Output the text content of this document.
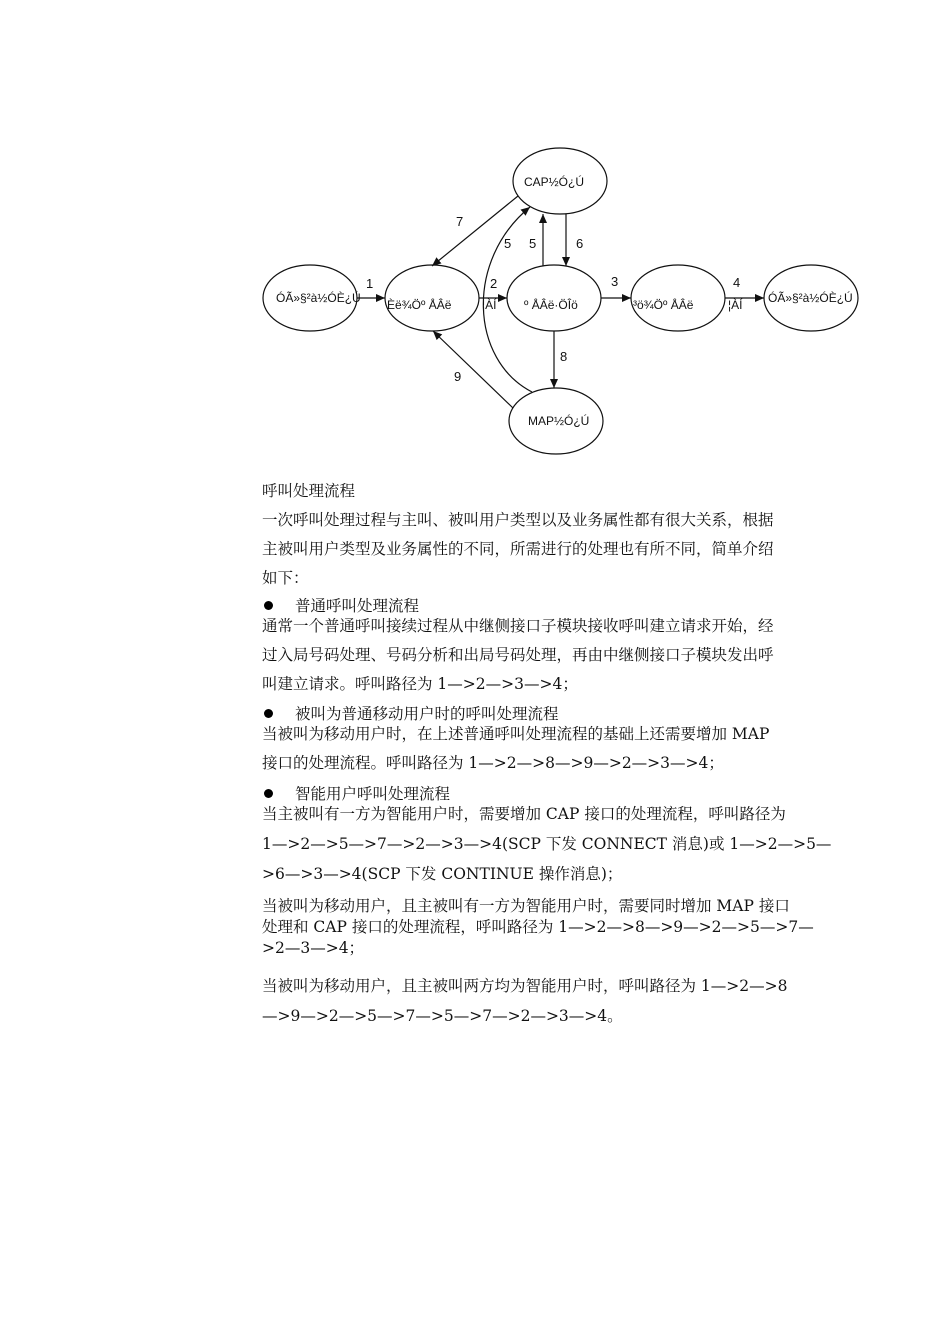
CAP½Ó¿Ú
ÓÃ»§²à½ÓÈ¿Ú Èë¾Öº ÅÂë	¦ÀÍ º ÅÂë·ÖÎö	³ö¾Öº ÅÂë	¦ÀÍ ÓÃ»§²à½ÓÈ¿Ú
MAP½Ó¿Ú
1	2	3	4
5	6
7
5
8
9
呼叫处理流程
一次呼叫处理过程与主叫、被叫用户类型以及业务属性都有很大关系，根据
主被叫用户类型及业务属性的不同，所需进行的处理也有所不同，简单介绍
如下：
普通呼叫处理流程
通常一个普通呼叫接续过程从中继侧接口子模块接收呼叫建立请求开始，经
过入局号码处理、号码分析和出局号码处理，再由中继侧接口子模块发出呼
叫建立请求。呼叫路径为 1—>2—>3—>4；
被叫为普通移动用户时的呼叫处理流程
当被叫为移动用户时，在上述普通呼叫处理流程的基础上还需要增加 MAP
接口的处理流程。呼叫路径为 1—>2—>8—>9—>2—>3—>4；
智能用户呼叫处理流程
当主被叫有一方为智能用户时，需要增加 CAP 接口的处理流程，呼叫路径为
1—>2—>5—>7—>2—>3—>4(SCP 下发 CONNECT 消息)或 1—>2—>5—
>6—>3—>4(SCP 下发 CONTINUE 操作消息)；
当被叫为移动用户，且主被叫有一方为智能用户时，需要同时增加 MAP 接口
处理和 CAP 接口的处理流程，呼叫路径为 1—>2—>8—>9—>2—>5—>7—
>2—3—>4；
当被叫为移动用户，且主被叫两方均为智能用户时，呼叫路径为 1—>2—>8
—>9—>2—>5—>7—>5—>7—>2—>3—>4。
